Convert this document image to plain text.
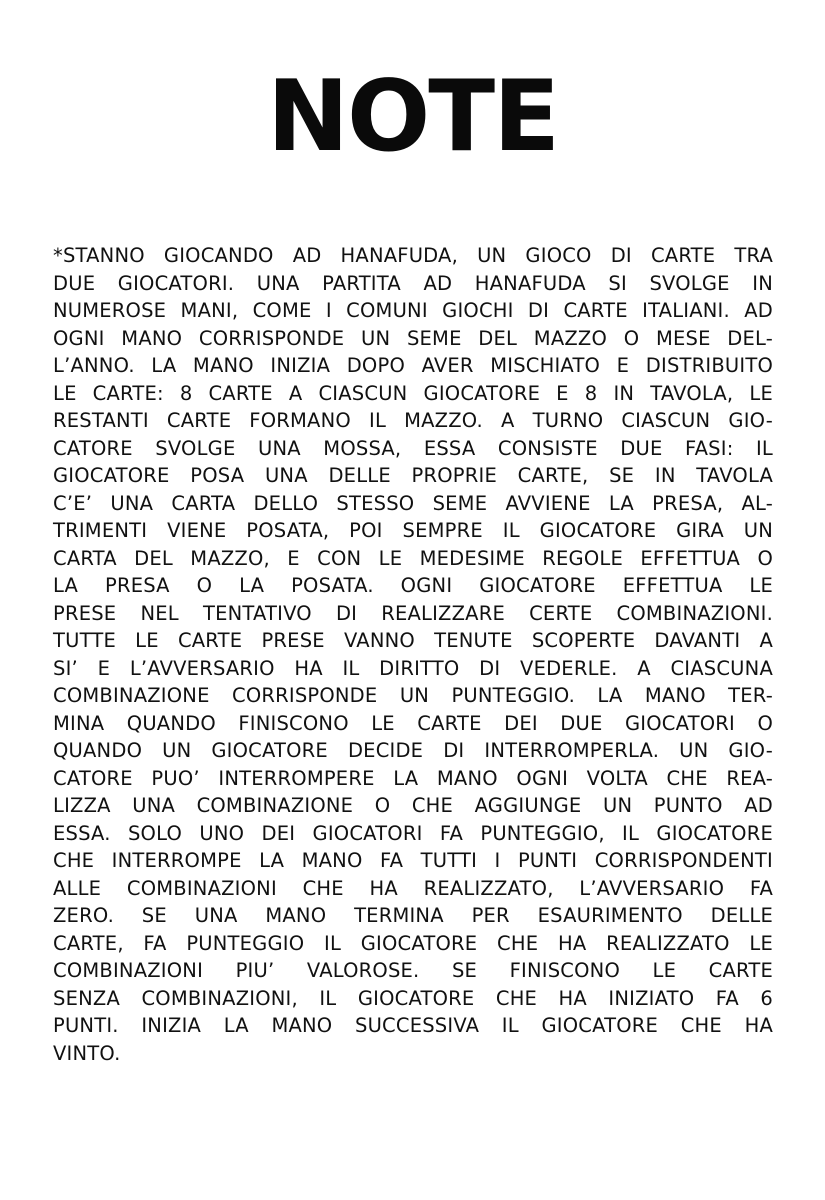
NOTE
*STANNO GIOCANDO AD HANAFUDA, UN GIOCO DI CARTE TRA
DUE GIOCATORI. UNA PARTITA AD HANAFUDA SI SVOLGE IN
NUMEROSE MANI, COME I COMUNI GIOCHI DI CARTE ITALIANI. AD
OGNI MANO CORRISPONDE UN SEME DEL MAZZO O MESE DEL-
L’ANNO. LA MANO INIZIA DOPO AVER MISCHIATO E DISTRIBUITO
LE CARTE: 8 CARTE A CIASCUN GIOCATORE E 8 IN TAVOLA, LE
RESTANTI CARTE FORMANO IL MAZZO. A TURNO CIASCUN GIO-
CATORE SVOLGE UNA MOSSA, ESSA CONSISTE DUE FASI: IL
GIOCATORE POSA UNA DELLE PROPRIE CARTE, SE IN TAVOLA
C’E’ UNA CARTA DELLO STESSO SEME AVVIENE LA PRESA, AL-
TRIMENTI VIENE POSATA, POI SEMPRE IL GIOCATORE GIRA UN
CARTA DEL MAZZO, E CON LE MEDESIME REGOLE EFFETTUA O
LA PRESA O LA POSATA. OGNI GIOCATORE EFFETTUA LE
PRESE NEL TENTATIVO DI REALIZZARE CERTE COMBINAZIONI.
TUTTE LE CARTE PRESE VANNO TENUTE SCOPERTE DAVANTI A
SI’ E L’AVVERSARIO HA IL DIRITTO DI VEDERLE. A CIASCUNA
COMBINAZIONE CORRISPONDE UN PUNTEGGIO. LA MANO TER-
MINA QUANDO FINISCONO LE CARTE DEI DUE GIOCATORI O
QUANDO UN GIOCATORE DECIDE DI INTERROMPERLA. UN GIO-
CATORE PUO’ INTERROMPERE LA MANO OGNI VOLTA CHE REA-
LIZZA UNA COMBINAZIONE O CHE AGGIUNGE UN PUNTO AD
ESSA. SOLO UNO DEI GIOCATORI FA PUNTEGGIO, IL GIOCATORE
CHE INTERROMPE LA MANO FA TUTTI I PUNTI CORRISPONDENTI
ALLE COMBINAZIONI CHE HA REALIZZATO, L’AVVERSARIO FA
ZERO. SE UNA MANO TERMINA PER ESAURIMENTO DELLE
CARTE, FA PUNTEGGIO IL GIOCATORE CHE HA REALIZZATO LE
COMBINAZIONI PIU’ VALOROSE. SE FINISCONO LE CARTE
SENZA COMBINAZIONI, IL GIOCATORE CHE HA INIZIATO FA 6
PUNTI. INIZIA LA MANO SUCCESSIVA IL GIOCATORE CHE HA
VINTO.
